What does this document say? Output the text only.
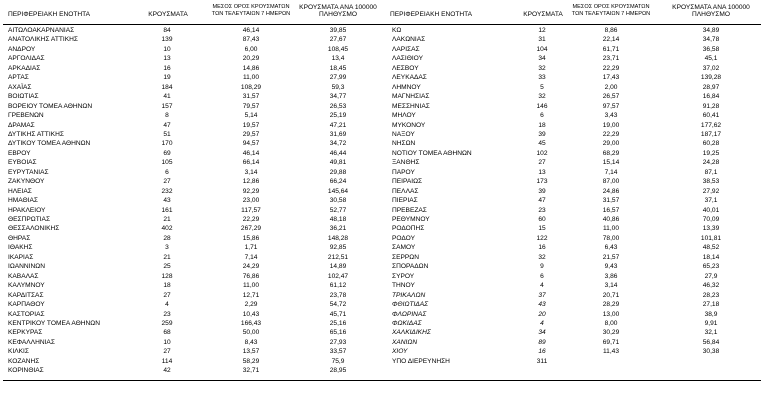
ΠΕΡΙΦΕΡΕΙΑΚΗ ΕΝΟΤΗΤΑ	ΚΡΟΥΣΜΑΤΑ
ΜΕΣΟΣ ΟΡΟΣ ΚΡΟΥΣΜΑΤΩΝ
ΤΩΝ ΤΕΛΕΥΤΑΙΩΝ 7 ΗΜΕΡΩΝ
ΚΡΟΥΣΜΑΤΑ ΑΝΑ 100000
ΠΛΗΘΥΣΜΟ	ΠΕΡΙΦΕΡΕΙΑΚΗ ΕΝΟΤΗΤΑ	ΚΡΟΥΣΜΑΤΑ
ΜΕΣΟΣ ΟΡΟΣ ΚΡΟΥΣΜΑΤΩΝ
ΤΩΝ ΤΕΛΕΥΤΑΙΩΝ 7 ΗΜΕΡΩΝ
ΚΡΟΥΣΜΑΤΑ ΑΝΑ 100000
ΠΛΗΘΥΣΜΟ
ΑΙΤΩΛΟΑΚΑΡΝΑΝΙΑΣ	84	46,14	39,85
ΑΝΑΤΟΛΙΚΗΣ ΑΤΤΙΚΗΣ	139	87,43	27,67
ΑΝΔΡΟΥ	10	6,00	108,45
ΑΡΓΟΛΙΔΑΣ	13	20,29	13,4
ΑΡΚΑΔΙΑΣ	16	14,86	18,45
ΑΡΤΑΣ	19	11,00	27,99
ΑΧΑΪΑΣ	184	108,29	59,3
ΒΟΙΩΤΙΑΣ	41	31,57	34,77
ΒΟΡΕΙΟΥ ΤΟΜΕΑ ΑΘΗΝΩΝ	157	79,57	26,53
ΓΡΕΒΕΝΩΝ	8	5,14	25,19
ΔΡΑΜΑΣ	47	19,57	47,21
ΔΥΤΙΚΗΣ ΑΤΤΙΚΗΣ	51	29,57	31,69
ΔΥΤΙΚΟΥ ΤΟΜΕΑ ΑΘΗΝΩΝ	170	94,57	34,72
ΕΒΡΟΥ	69	46,14	46,44
ΕΥΒΟΙΑΣ	105	66,14	49,81
ΕΥΡΥΤΑΝΙΑΣ	6	3,14	29,88
ΖΑΚΥΝΘΟΥ	27	12,86	66,24
ΗΛΕΙΑΣ	232	92,29	145,64
ΗΜΑΘΙΑΣ	43	23,00	30,58
ΗΡΑΚΛΕΙΟΥ	161	117,57	52,77
ΘΕΣΠΡΩΤΙΑΣ	21	22,29	48,18
ΘΕΣΣΑΛΟΝΙΚΗΣ	402	267,29	36,21
ΘΗΡΑΣ	28	15,86	148,28
ΙΘΑΚΗΣ	3	1,71	92,85
ΙΚΑΡΙΑΣ	21	7,14	212,51
ΙΩΑΝΝΙΝΩΝ	25	24,29	14,89
ΚΑΒΑΛΑΣ	128	76,86	102,47
ΚΑΛΥΜΝΟΥ	18	11,00	61,12
ΚΑΡΔΙΤΣΑΣ	27	12,71	23,78
ΚΑΡΠΑΘΟΥ	4	2,29	54,72
ΚΑΣΤΟΡΙΑΣ	23	10,43	45,71
ΚΕΝΤΡΙΚΟΥ ΤΟΜΕΑ ΑΘΗΝΩΝ	259	166,43	25,16
ΚΕΡΚΥΡΑΣ	68	50,00	65,16
ΚΕΦΑΛΛΗΝΙΑΣ	10	8,43	27,93
ΚΙΛΚΙΣ	27	13,57	33,57
ΚΟΖΑΝΗΣ	114	58,29	75,9
ΚΟΡΙΝΘΙΑΣ	42	32,71	28,95
ΚΩ	12	8,86	34,89
ΛΑΚΩΝΙΑΣ	31	22,14	34,78
ΛΑΡΙΣΑΣ	104	61,71	36,58
ΛΑΣΙΘΙΟΥ	34	23,71	45,1
ΛΕΣΒΟΥ	32	22,29	37,02
ΛΕΥΚΑΔΑΣ	33	17,43	139,28
ΛΗΜΝΟΥ	5	2,00	28,97
ΜΑΓΝΗΣΙΑΣ	32	26,57	16,84
ΜΕΣΣΗΝΙΑΣ	146	97,57	91,28
ΜΗΛΟΥ	6	3,43	60,41
ΜΥΚΟΝΟΥ	18	19,00	177,62
ΝΑΞΟΥ	39	22,29	187,17
ΝΗΣΩΝ	45	29,00	60,28
ΝΟΤΙΟΥ ΤΟΜΕΑ ΑΘΗΝΩΝ	102	68,29	19,25
ΞΑΝΘΗΣ	27	15,14	24,28
ΠΑΡΟΥ	13	7,14	87,1
ΠΕΙΡΑΙΩΣ	173	87,00	38,53
ΠΕΛΛΑΣ	39	24,86	27,92
ΠΙΕΡΙΑΣ	47	31,57	37,1
ΠΡΕΒΕΖΑΣ	23	16,57	40,01
ΡΕΘΥΜΝΟΥ	60	40,86	70,09
ΡΟΔΟΠΗΣ	15	11,00	13,39
ΡΟΔΟΥ	122	78,00	101,81
ΣΑΜΟΥ	16	6,43	48,52
ΣΕΡΡΩΝ	32	21,57	18,14
ΣΠΟΡΑΔΩΝ	9	9,43	65,23
ΣΥΡΟΥ	6	3,86	27,9
ΤΗΝΟΥ	4	3,14	46,32
ΤΡΙΚΑΛΩΝ	37	20,71	28,23
ΦΘΙΩΤΙΔΑΣ	43	28,29	27,18
ΦΛΩΡΙΝΑΣ	20	13,00	38,9
ΦΩΚΙΔΑΣ	4	8,00	9,91
ΧΑΛΚΙΔΙΚΗΣ	34	30,29	32,1
ΧΑΝΙΩΝ	89	69,71	56,84
ΧΙΟΥ	16	11,43	30,38
ΥΠΟ ΔΙΕΡΕΥΝΗΣΗ	311
